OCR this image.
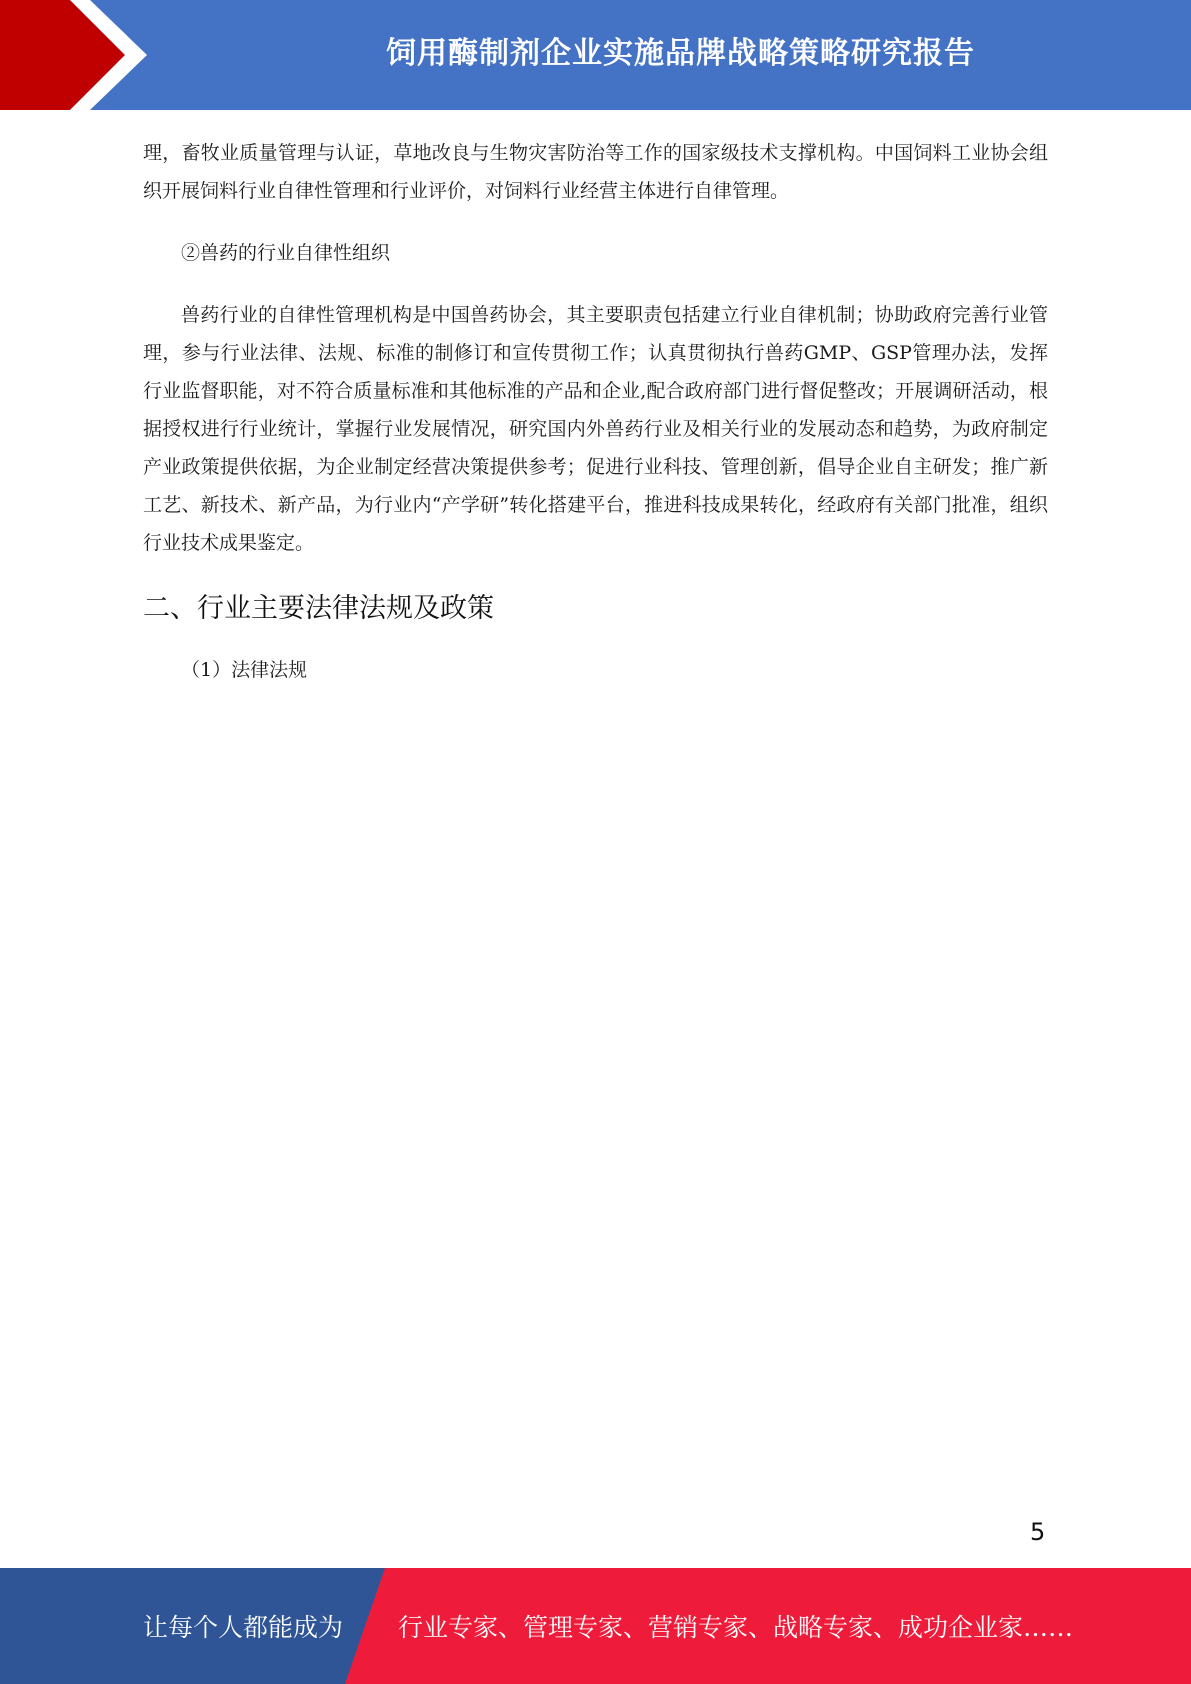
饲用酶制剂企业实施品牌战略策略研究报告

理，畜牧业质量管理与认证，草地改良与生物灾害防治等工作的国家级技术支撑机构。中国饲料工业协会组织开展饲料行业自律性管理和行业评价，对饲料行业经营主体进行自律管理。

②兽药的行业自律性组织

兽药行业的自律性管理机构是中国兽药协会，其主要职责包括建立行业自律机制；协助政府完善行业管理，参与行业法律、法规、标准的制修订和宣传贯彻工作；认真贯彻执行兽药GMP、GSP管理办法，发挥行业监督职能，对不符合质量标准和其他标准的产品和企业,配合政府部门进行督促整改；开展调研活动，根据授权进行行业统计，掌握行业发展情况，研究国内外兽药行业及相关行业的发展动态和趋势，为政府制定产业政策提供依据，为企业制定经营决策提供参考；促进行业科技、管理创新，倡导企业自主研发；推广新工艺、新技术、新产品，为行业内“产学研”转化搭建平台，推进科技成果转化，经政府有关部门批准，组织行业技术成果鉴定。

二、行业主要法律法规及政策

（1）法律法规

5
让每个人都能成为 行业专家、管理专家、营销专家、战略专家、成功企业家……
